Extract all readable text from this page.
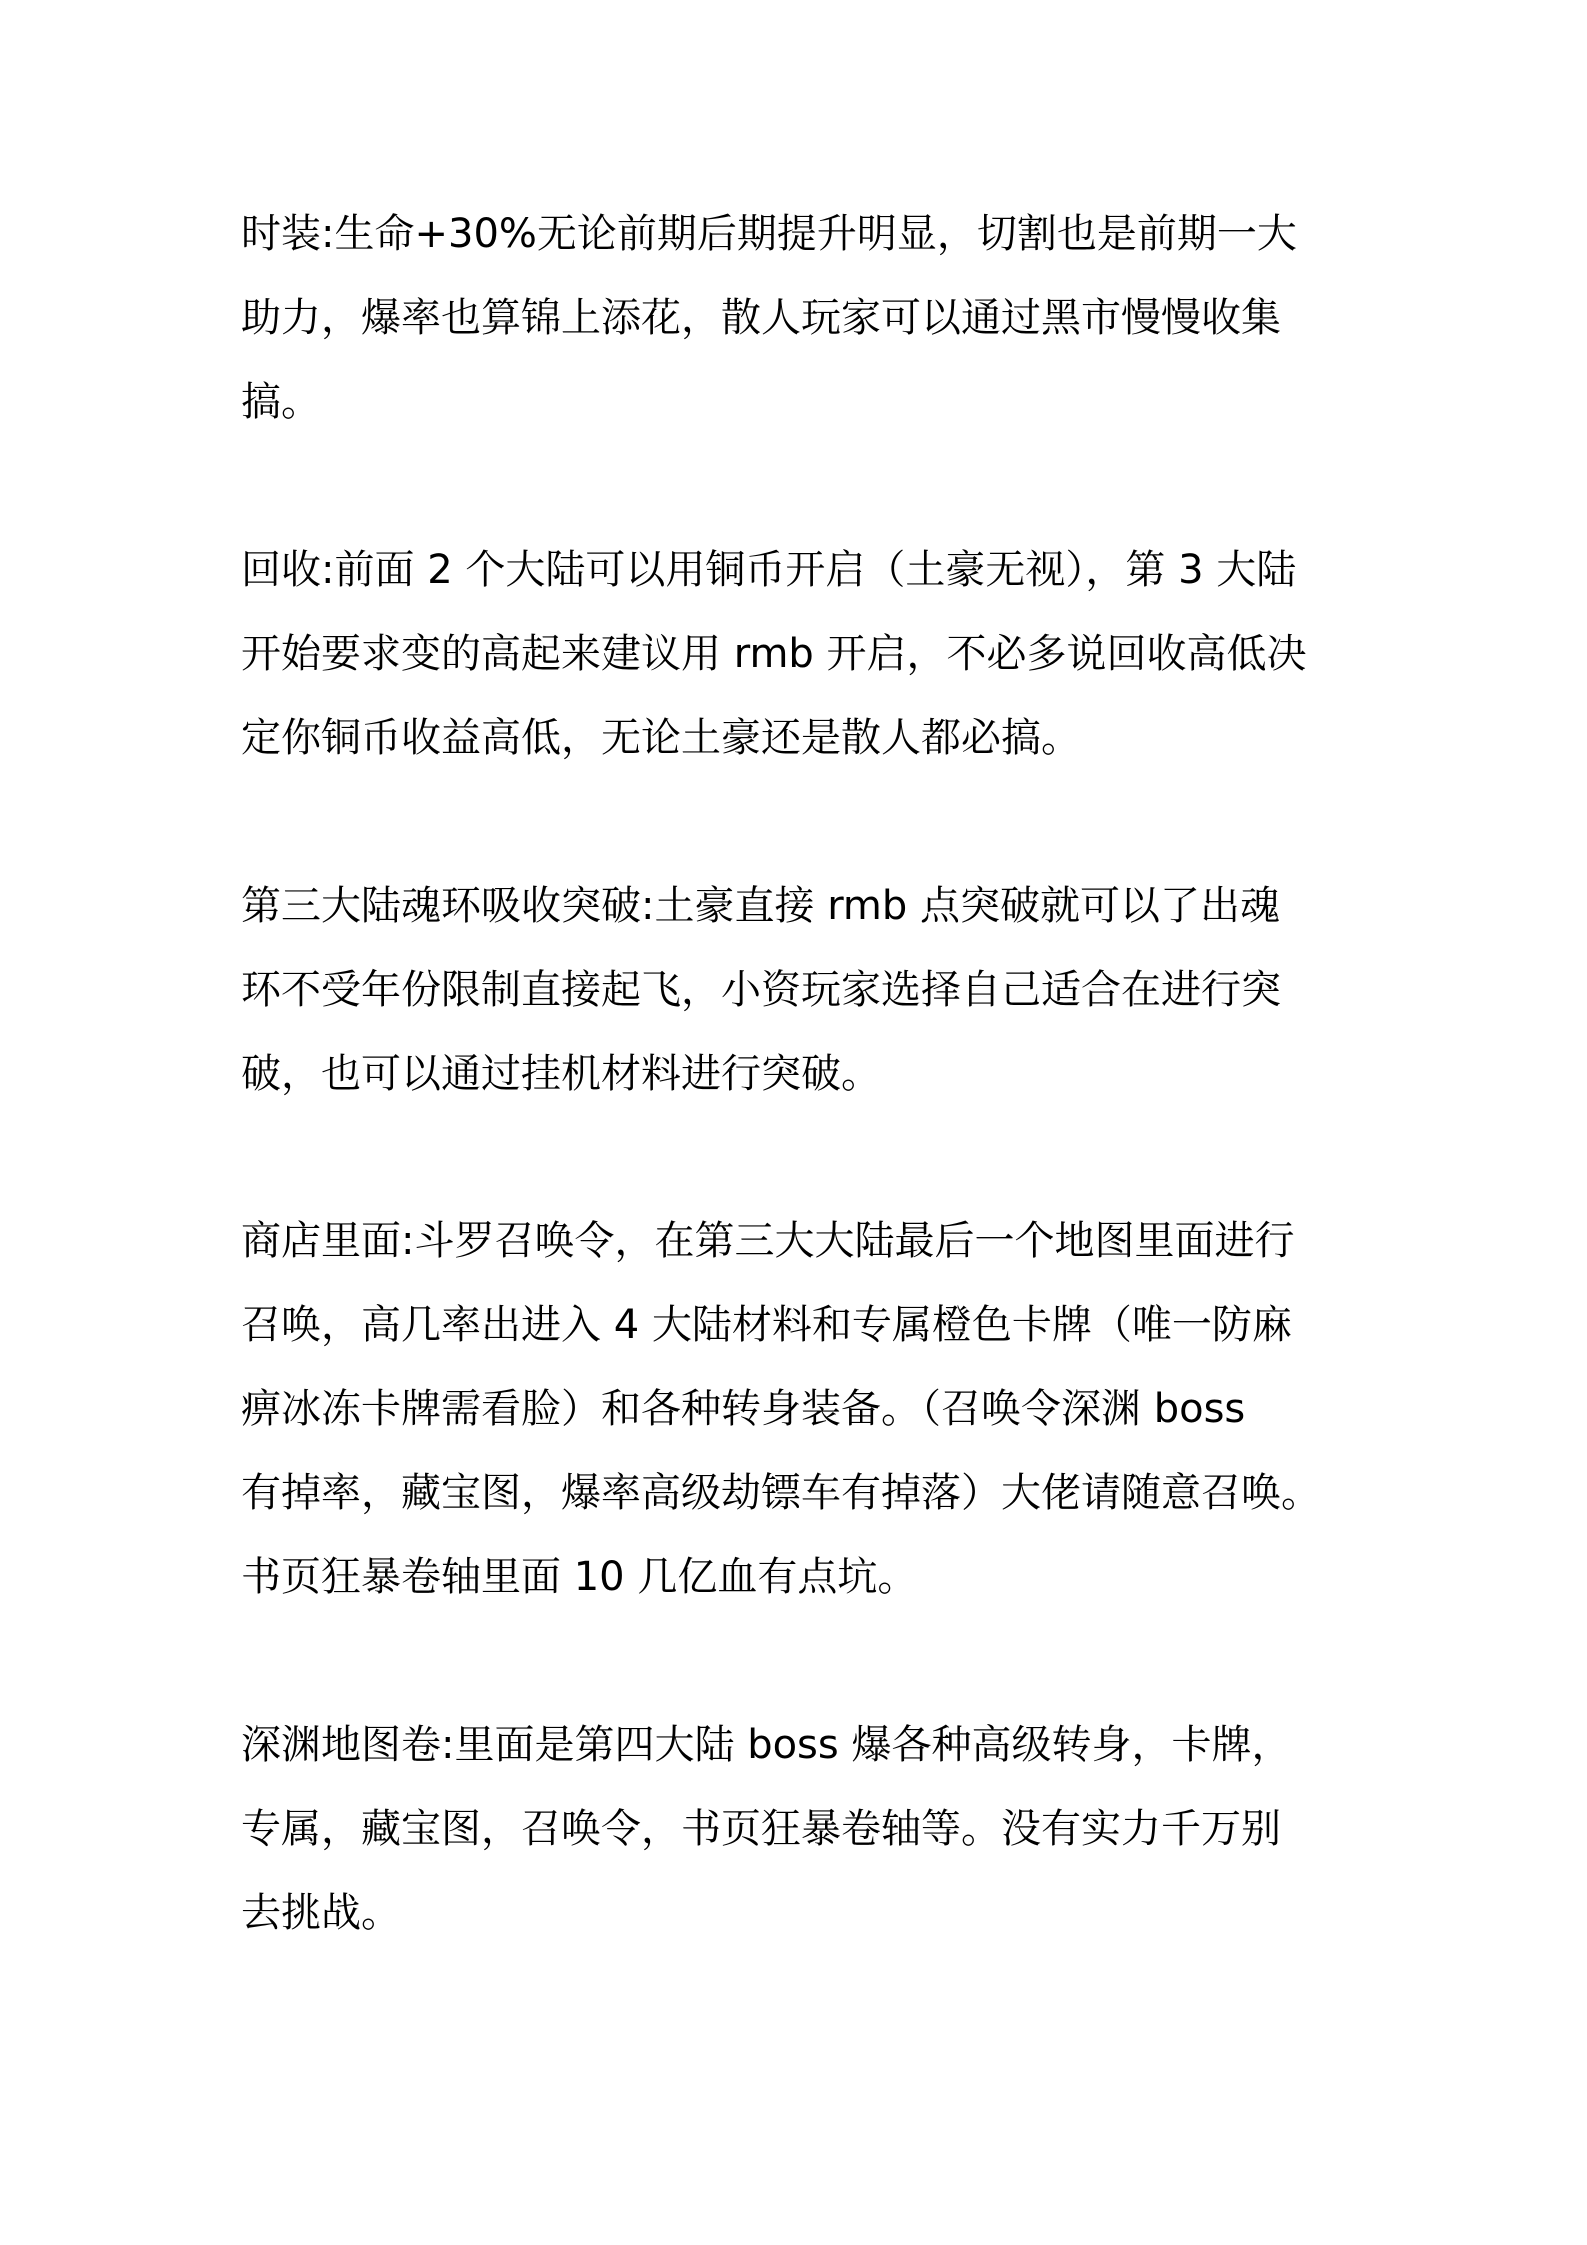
时装:生命+30%无论前期后期提升明显，切割也是前期一大
助力，爆率也算锦上添花，散人玩家可以通过黑市慢慢收集
搞。

回收:前面 2 个大陆可以用铜币开启（土豪无视），第 3 大陆
开始要求变的高起来建议用 rmb 开启，不必多说回收高低决
定你铜币收益高低，无论土豪还是散人都必搞。

第三大陆魂环吸收突破:土豪直接 rmb 点突破就可以了出魂
环不受年份限制直接起飞，小资玩家选择自己适合在进行突
破，也可以通过挂机材料进行突破。

商店里面:斗罗召唤令，在第三大大陆最后一个地图里面进行
召唤，高几率出进入 4 大陆材料和专属橙色卡牌（唯一防麻
痹冰冻卡牌需看脸）和各种转身装备。（召唤令深渊 boss
有掉率，藏宝图，爆率高级劫镖车有掉落）大佬请随意召唤。
书页狂暴卷轴里面 10 几亿血有点坑。

深渊地图卷:里面是第四大陆 boss 爆各种高级转身，卡牌，
专属，藏宝图，召唤令，书页狂暴卷轴等。没有实力千万别
去挑战。
